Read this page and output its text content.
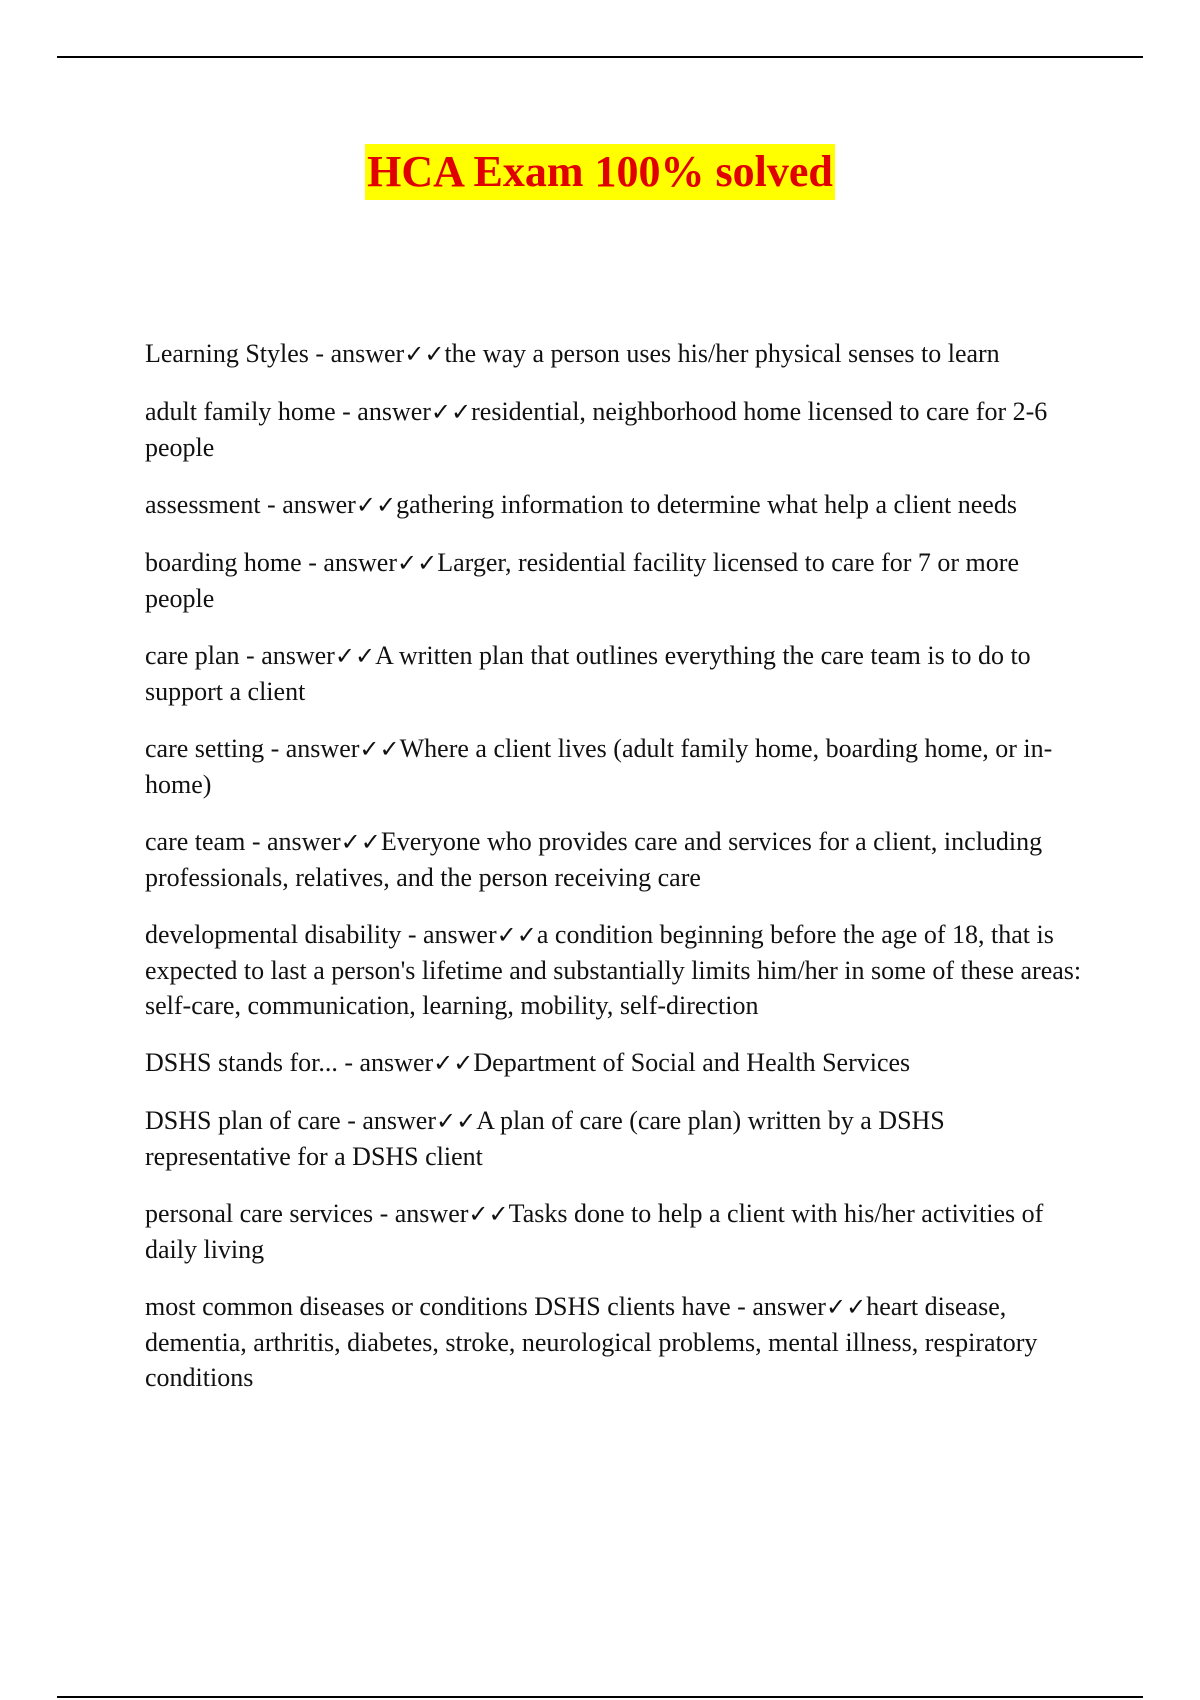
HCA Exam 100% solved
Learning Styles - answer✓✓the way a person uses his/her physical senses to learn
adult family home - answer✓✓residential, neighborhood home licensed to care for 2-6 people
assessment - answer✓✓gathering information to determine what help a client needs
boarding home - answer✓✓Larger, residential facility licensed to care for 7 or more people
care plan - answer✓✓A written plan that outlines everything the care team is to do to support a client
care setting - answer✓✓Where a client lives (adult family home, boarding home, or in-home)
care team - answer✓✓Everyone who provides care and services for a client, including professionals, relatives, and the person receiving care
developmental disability - answer✓✓a condition beginning before the age of 18, that is expected to last a person's lifetime and substantially limits him/her in some of these areas: self-care, communication, learning, mobility, self-direction
DSHS stands for... - answer✓✓Department of Social and Health Services
DSHS plan of care - answer✓✓A plan of care (care plan) written by a DSHS representative for a DSHS client
personal care services - answer✓✓Tasks done to help a client with his/her activities of daily living
most common diseases or conditions DSHS clients have - answer✓✓heart disease, dementia, arthritis, diabetes, stroke, neurological problems, mental illness, respiratory conditions
